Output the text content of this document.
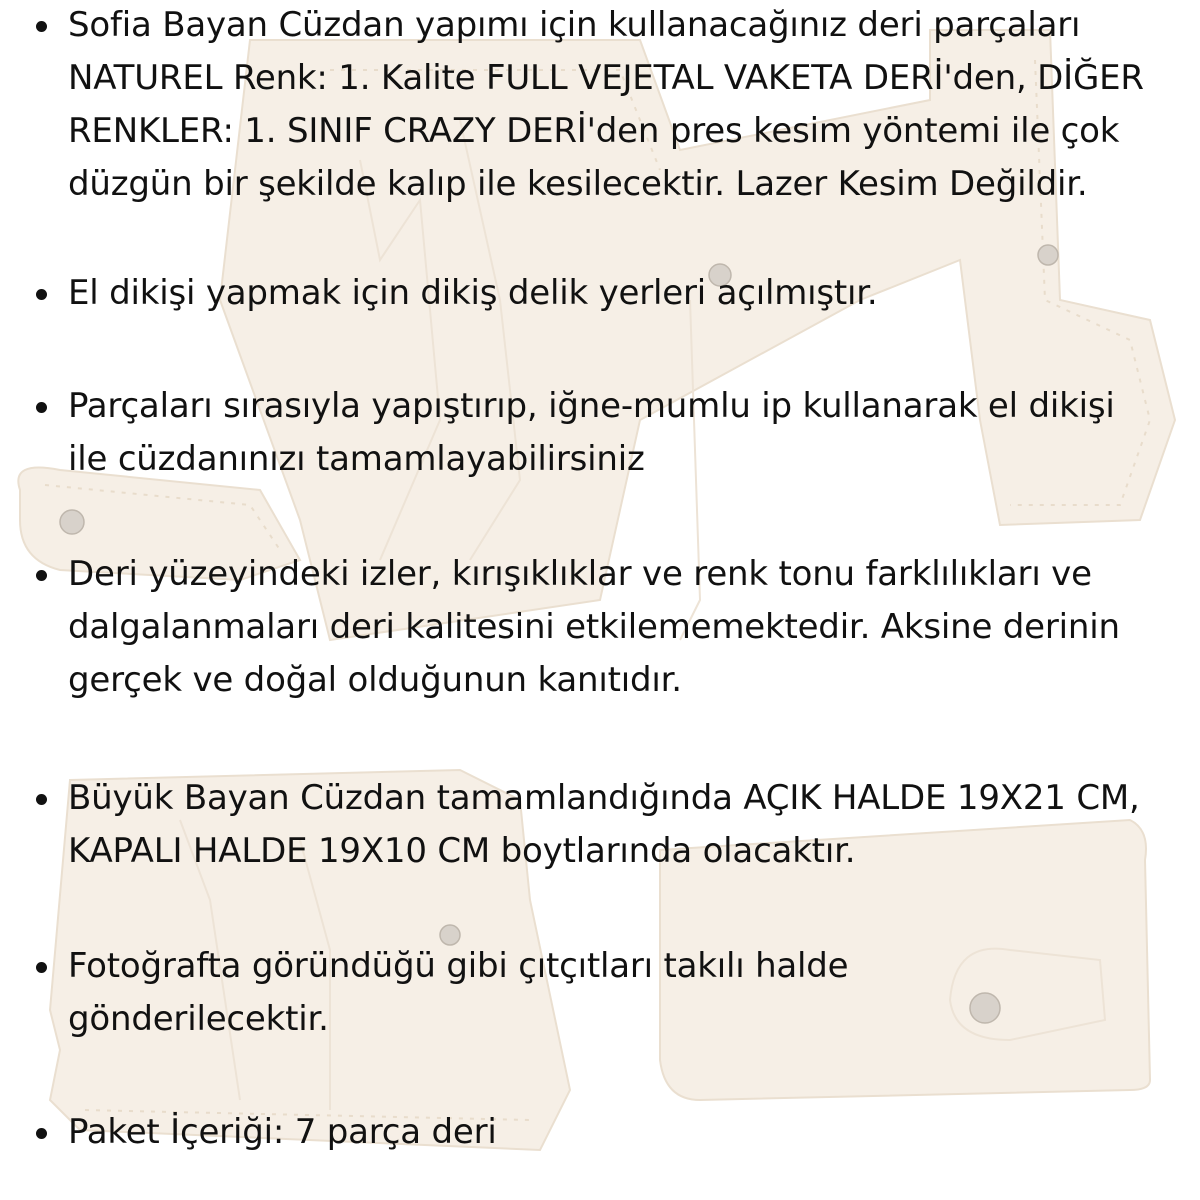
Sofia Bayan Cüzdan yapımı için kullanacağınız deri parçaları
NATUREL Renk: 1. Kalite FULL VEJETAL VAKETA DERİ'den, DİĞER
RENKLER: 1. SINIF CRAZY DERİ'den pres kesim yöntemi ile çok
düzgün bir şekilde kalıp ile kesilecektir. Lazer Kesim Değildir.
El dikişi yapmak için dikiş delik yerleri açılmıştır.
Parçaları sırasıyla yapıştırıp, iğne-mumlu ip kullanarak el dikişi
ile cüzdanınızı tamamlayabilirsiniz
Deri yüzeyindeki izler, kırışıklıklar ve renk tonu farklılıkları ve
dalgalanmaları deri kalitesini etkilememektedir. Aksine derinin
gerçek ve doğal olduğunun kanıtıdır.
Büyük Bayan Cüzdan tamamlandığında AÇIK HALDE 19X21 CM,
KAPALI HALDE 19X10 CM boytlarında olacaktır.
Fotoğrafta göründüğü gibi çıtçıtları takılı halde
gönderilecektir.
Paket İçeriği: 7 parça deri
